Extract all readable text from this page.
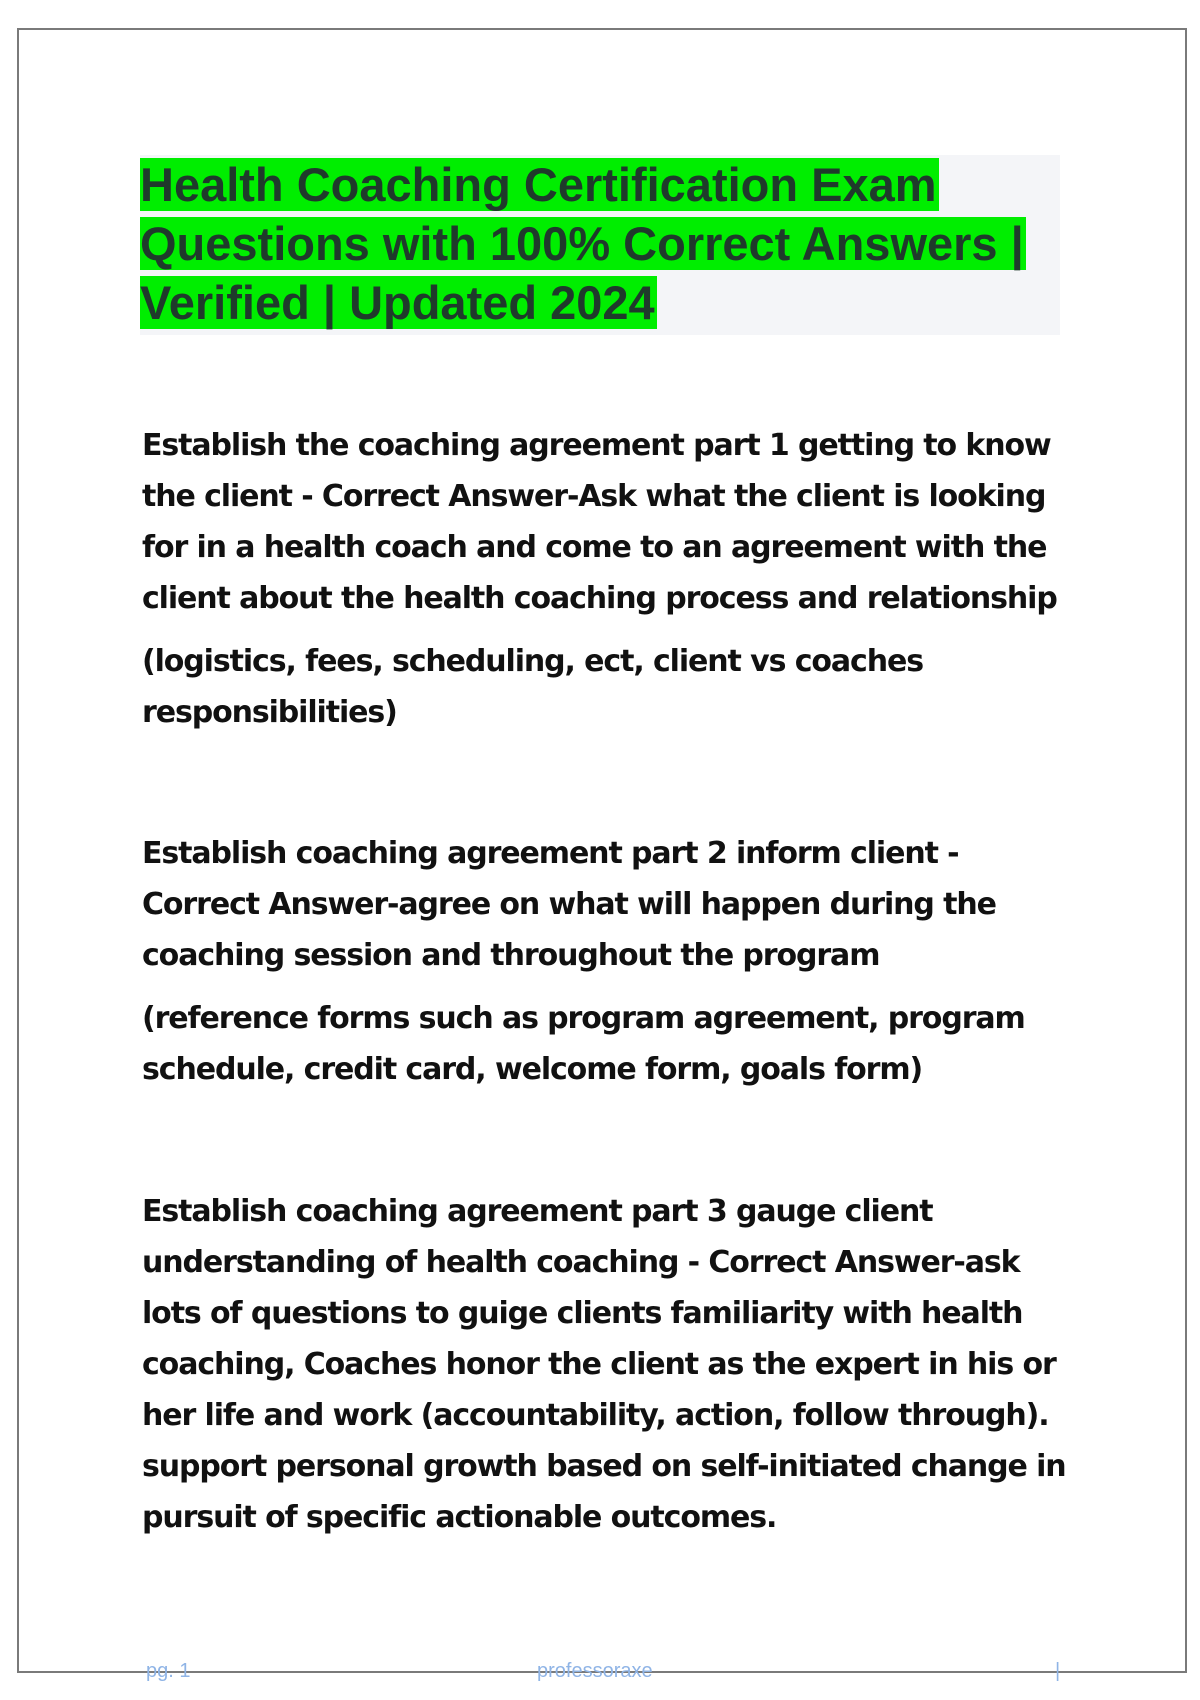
Health Coaching Certification Exam Questions with 100% Correct Answers | Verified | Updated 2024

Establish the coaching agreement part 1 getting to know the client - Correct Answer-Ask what the client is looking for in a health coach and come to an agreement with the client about the health coaching process and relationship

(logistics, fees, scheduling, ect, client vs coaches responsibilities)

Establish coaching agreement part 2 inform client - Correct Answer-agree on what will happen during the coaching session and throughout the program

(reference forms such as program agreement, program schedule, credit card, welcome form, goals form)

Establish coaching agreement part 3 gauge client understanding of health coaching - Correct Answer-ask lots of questions to guige clients familiarity with health coaching, Coaches honor the client as the expert in his or her life and work (accountability, action, follow through). support personal growth based on self-initiated change in pursuit of specific actionable outcomes.

pg. 1	professoraxe	|
